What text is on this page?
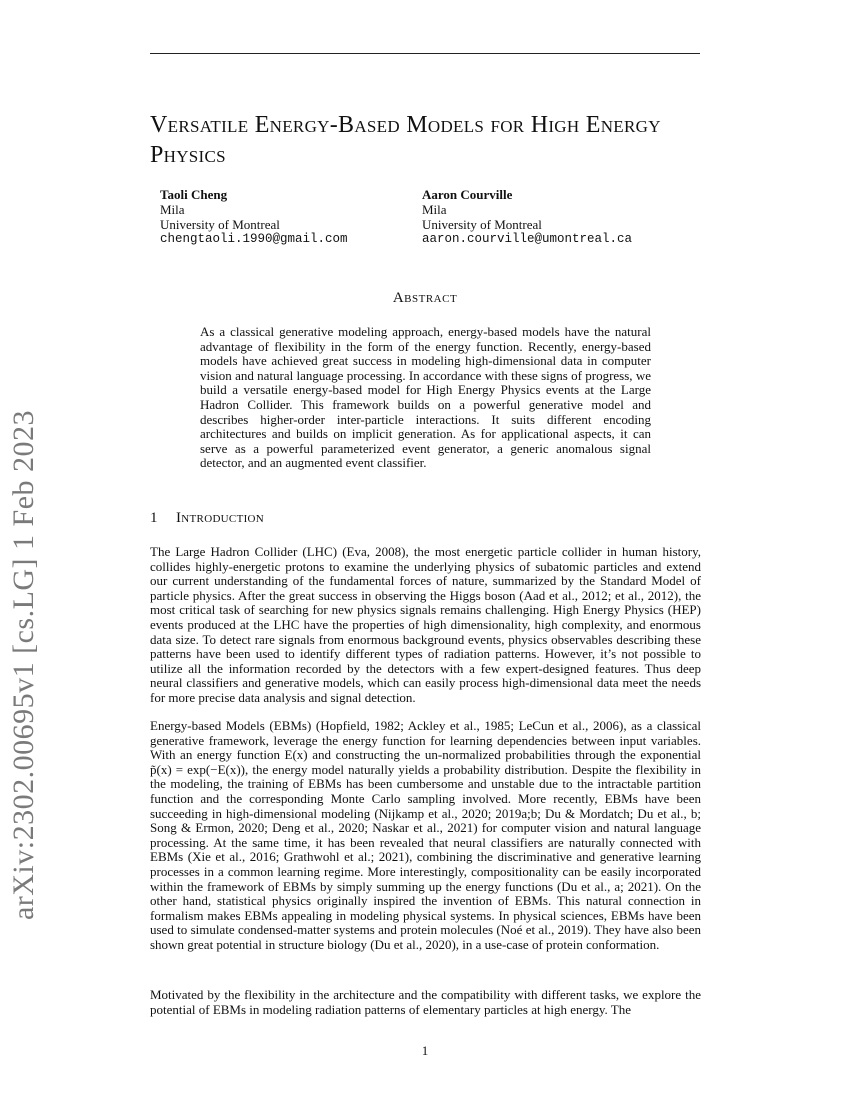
arXiv:2302.00695v1 [cs.LG] 1 Feb 2023
Versatile Energy-Based Models for High Energy Physics
Taoli Cheng
Mila
University of Montreal
chengtaoli.1990@gmail.com
Aaron Courville
Mila
University of Montreal
aaron.courville@umontreal.ca
Abstract
As a classical generative modeling approach, energy-based models have the natural advantage of flexibility in the form of the energy function. Recently, energy-based models have achieved great success in modeling high-dimensional data in computer vision and natural language processing. In accordance with these signs of progress, we build a versatile energy-based model for High Energy Physics events at the Large Hadron Collider. This framework builds on a powerful generative model and describes higher-order inter-particle interactions. It suits different encoding architectures and builds on implicit generation. As for applicational aspects, it can serve as a powerful parameterized event generator, a generic anomalous signal detector, and an augmented event classifier.
1 Introduction
The Large Hadron Collider (LHC) (Eva, 2008), the most energetic particle collider in human history, collides highly-energetic protons to examine the underlying physics of subatomic particles and extend our current understanding of the fundamental forces of nature, summarized by the Standard Model of particle physics. After the great success in observing the Higgs boson (Aad et al., 2012; et al., 2012), the most critical task of searching for new physics signals remains challenging. High Energy Physics (HEP) events produced at the LHC have the properties of high dimensionality, high complexity, and enormous data size. To detect rare signals from enormous background events, physics observables describing these patterns have been used to identify different types of radiation patterns. However, it’s not possible to utilize all the information recorded by the detectors with a few expert-designed features. Thus deep neural classifiers and generative models, which can easily process high-dimensional data meet the needs for more precise data analysis and signal detection.
Energy-based Models (EBMs) (Hopfield, 1982; Ackley et al., 1985; LeCun et al., 2006), as a classical generative framework, leverage the energy function for learning dependencies between input variables. With an energy function E(x) and constructing the un-normalized probabilities through the exponential p̃(x) = exp(−E(x)), the energy model naturally yields a probability distribution. Despite the flexibility in the modeling, the training of EBMs has been cumbersome and unstable due to the intractable partition function and the corresponding Monte Carlo sampling involved. More recently, EBMs have been succeeding in high-dimensional modeling (Nijkamp et al., 2020; 2019a;b; Du & Mordatch; Du et al., b; Song & Ermon, 2020; Deng et al., 2020; Naskar et al., 2021) for computer vision and natural language processing. At the same time, it has been revealed that neural classifiers are naturally connected with EBMs (Xie et al., 2016; Grathwohl et al.; 2021), combining the discriminative and generative learning processes in a common learning regime. More interestingly, compositionality can be easily incorporated within the framework of EBMs by simply summing up the energy functions (Du et al., a; 2021). On the other hand, statistical physics originally inspired the invention of EBMs. This natural connection in formalism makes EBMs appealing in modeling physical systems. In physical sciences, EBMs have been used to simulate condensed-matter systems and protein molecules (Noé et al., 2019). They have also been shown great potential in structure biology (Du et al., 2020), in a use-case of protein conformation.
Motivated by the flexibility in the architecture and the compatibility with different tasks, we explore the potential of EBMs in modeling radiation patterns of elementary particles at high energy. The
1
